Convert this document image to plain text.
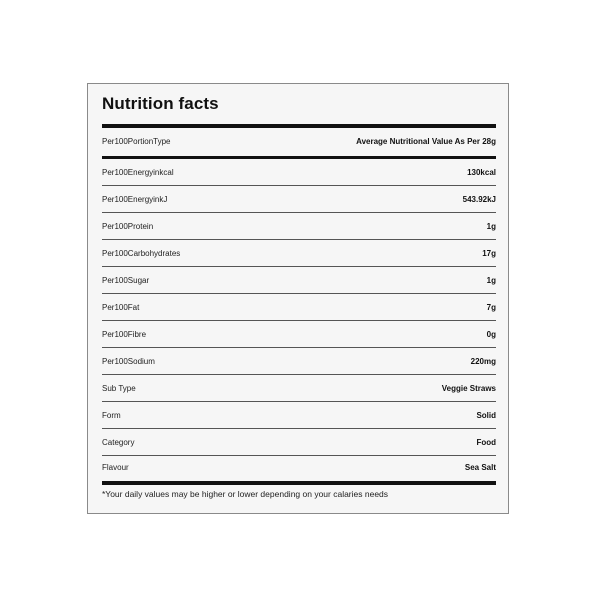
Nutrition facts
Per100PortionType	Average Nutritional Value As Per 28g
Per100Energyinkcal	130kcal
Per100EnergyinkJ	543.92kJ
Per100Protein	1g
Per100Carbohydrates	17g
Per100Sugar	1g
Per100Fat	7g
Per100Fibre	0g
Per100Sodium	220mg
Sub Type	Veggie Straws
Form	Solid
Category	Food
Flavour	Sea Salt
*Your daily values may be higher or lower depending on your calaries needs
